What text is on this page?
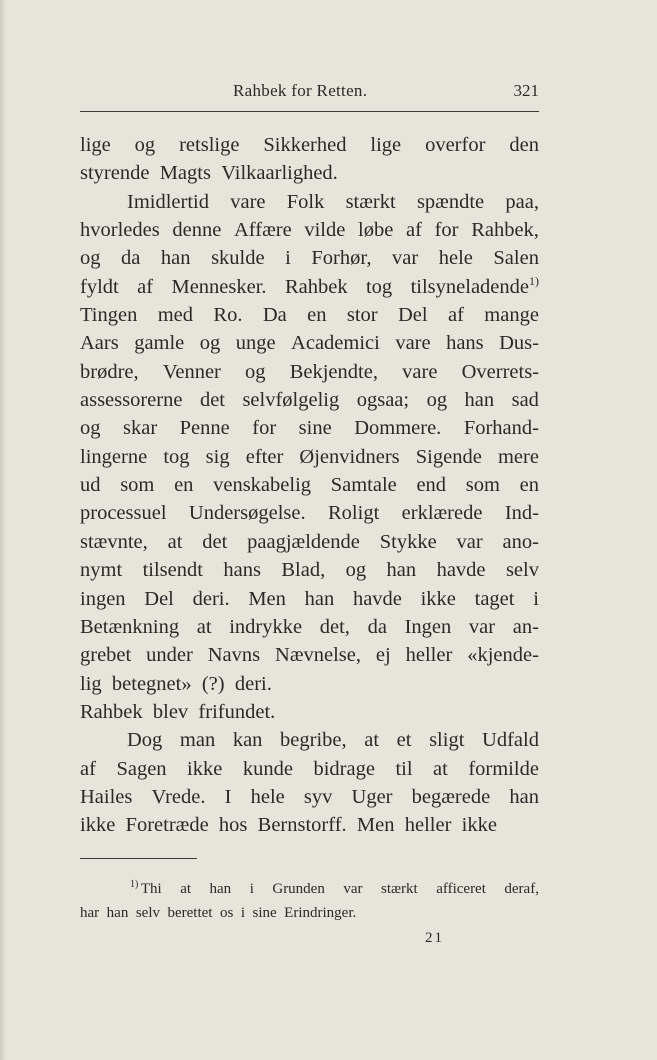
Rahbek for Retten.	321
lige og retslige Sikkerhed lige overfor den
styrende Magts Vilkaarlighed.
Imidlertid vare Folk stærkt spændte paa,
hvorledes denne Affære vilde løbe af for Rahbek,
og da han skulde i Forhør, var hele Salen
fyldt af Mennesker. Rahbek tog tilsyneladende$^{1)}$
Tingen med Ro. Da en stor Del af mange
Aars gamle og unge Academici vare hans Dus-
brødre, Venner og Bekjendte, vare Overrets-
assessorerne det selvfølgelig ogsaa; og han sad
og skar Penne for sine Dommere. Forhand-
lingerne tog sig efter Øjenvidners Sigende mere
ud som en venskabelig Samtale end som en
processuel Undersøgelse. Roligt erklærede Ind-
stævnte, at det paagjældende Stykke var ano-
nymt tilsendt hans Blad, og han havde selv
ingen Del deri. Men han havde ikke taget i
Betænkning at indrykke det, da Ingen var an-
grebet under Navns Nævnelse, ej heller «kjende-
lig betegnet» (?) deri.
Rahbek blev frifundet.
Dog man kan begribe, at et sligt Udfald
af Sagen ikke kunde bidrage til at formilde
Hailes Vrede. I hele syv Uger begærede han
ikke Foretræde hos Bernstorff. Men heller ikke
$^{1)}$ Thi at han i Grunden var stærkt afficeret deraf,
har han selv berettet os i sine Erindringer.
21
